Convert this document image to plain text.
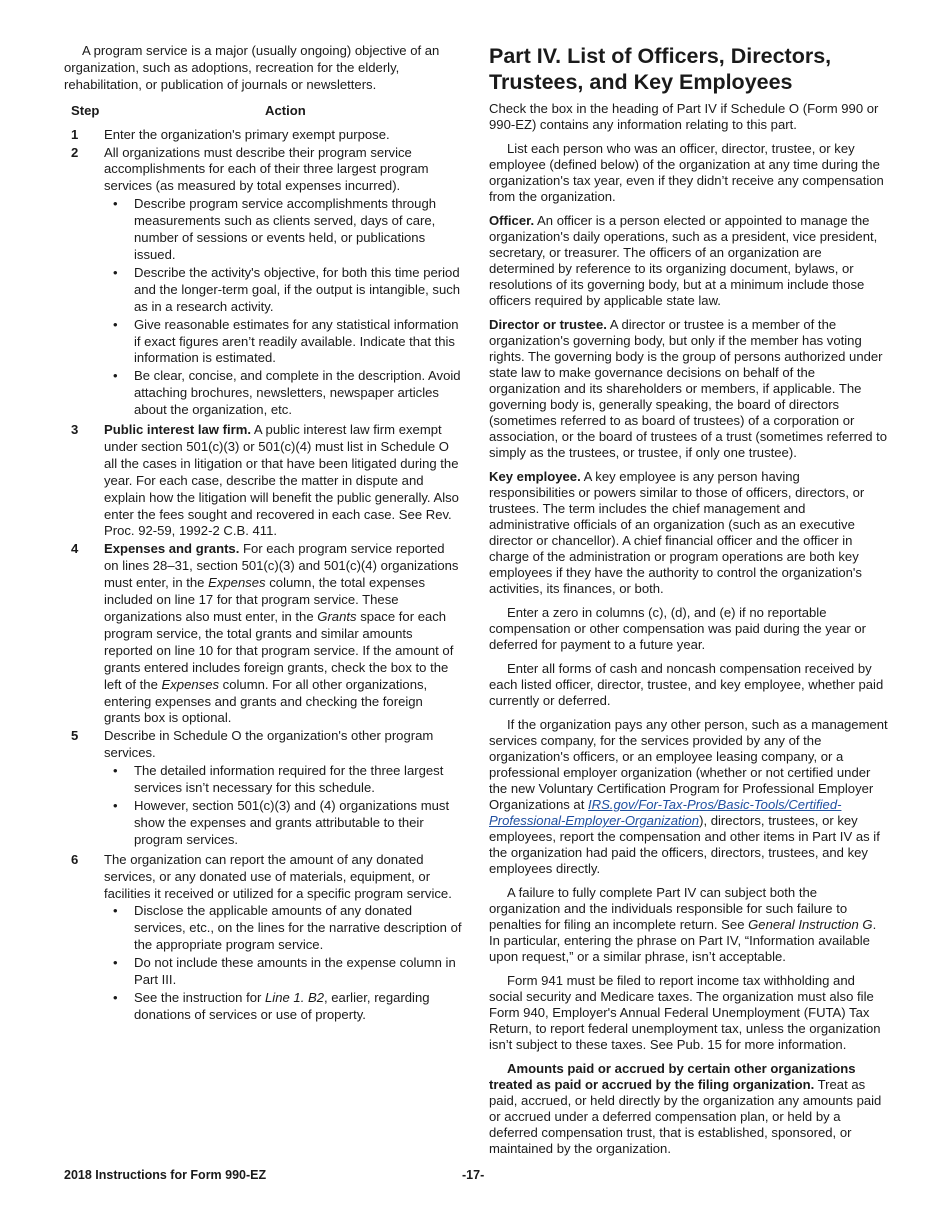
A program service is a major (usually ongoing) objective of an organization, such as adoptions, recreation for the elderly, rehabilitation, or publication of journals or newsletters.

Step	Action
1	Enter the organization's primary exempt purpose.
2	All organizations must describe their program service accomplishments for each of their three largest program services (as measured by total expenses incurred).
• Describe program service accomplishments through measurements such as clients served, days of care, number of sessions or events held, or publications issued.
• Describe the activity's objective, for both this time period and the longer-term goal, if the output is intangible, such as in a research activity.
• Give reasonable estimates for any statistical information if exact figures aren’t readily available. Indicate that this information is estimated.
• Be clear, concise, and complete in the description. Avoid attaching brochures, newsletters, newspaper articles about the organization, etc.
3	Public interest law firm. A public interest law firm exempt under section 501(c)(3) or 501(c)(4) must list in Schedule O all the cases in litigation or that have been litigated during the year. For each case, describe the matter in dispute and explain how the litigation will benefit the public generally. Also enter the fees sought and recovered in each case. See Rev. Proc. 92-59, 1992-2 C.B. 411.
4	Expenses and grants. For each program service reported on lines 28–31, section 501(c)(3) and 501(c)(4) organizations must enter, in the Expenses column, the total expenses included on line 17 for that program service. These organizations also must enter, in the Grants space for each program service, the total grants and similar amounts reported on line 10 for that program service. If the amount of grants entered includes foreign grants, check the box to the left of the Expenses column. For all other organizations, entering expenses and grants and checking the foreign grants box is optional.
5	Describe in Schedule O the organization's other program services.
• The detailed information required for the three largest services isn’t necessary for this schedule.
• However, section 501(c)(3) and (4) organizations must show the expenses and grants attributable to their program services.
6	The organization can report the amount of any donated services, or any donated use of materials, equipment, or facilities it received or utilized for a specific program service.
• Disclose the applicable amounts of any donated services, etc., on the lines for the narrative description of the appropriate program service.
• Do not include these amounts in the expense column in Part III.
• See the instruction for Line 1. B2, earlier, regarding donations of services or use of property.
Part IV. List of Officers, Directors, Trustees, and Key Employees

Check the box in the heading of Part IV if Schedule O (Form 990 or 990-EZ) contains any information relating to this part.

List each person who was an officer, director, trustee, or key employee (defined below) of the organization at any time during the organization's tax year, even if they didn’t receive any compensation from the organization.

Officer. An officer is a person elected or appointed to manage the organization's daily operations, such as a president, vice president, secretary, or treasurer. The officers of an organization are determined by reference to its organizing document, bylaws, or resolutions of its governing body, but at a minimum include those officers required by applicable state law.

Director or trustee. A director or trustee is a member of the organization's governing body, but only if the member has voting rights. The governing body is the group of persons authorized under state law to make governance decisions on behalf of the organization and its shareholders or members, if applicable. The governing body is, generally speaking, the board of directors (sometimes referred to as board of trustees) of a corporation or association, or the board of trustees of a trust (sometimes referred to simply as the trustees, or trustee, if only one trustee).

Key employee. A key employee is any person having responsibilities or powers similar to those of officers, directors, or trustees. The term includes the chief management and administrative officials of an organization (such as an executive director or chancellor). A chief financial officer and the officer in charge of the administration or program operations are both key employees if they have the authority to control the organization's activities, its finances, or both.

Enter a zero in columns (c), (d), and (e) if no reportable compensation or other compensation was paid during the year or deferred for payment to a future year.

Enter all forms of cash and noncash compensation received by each listed officer, director, trustee, and key employee, whether paid currently or deferred.

If the organization pays any other person, such as a management services company, for the services provided by any of the organization's officers, or an employee leasing company, or a professional employer organization (whether or not certified under the new Voluntary Certification Program for Professional Employer Organizations at IRS.gov/For-Tax-Pros/Basic-Tools/Certified-Professional-Employer-Organization), directors, trustees, or key employees, report the compensation and other items in Part IV as if the organization had paid the officers, directors, trustees, and key employees directly.

A failure to fully complete Part IV can subject both the organization and the individuals responsible for such failure to penalties for filing an incomplete return. See General Instruction G. In particular, entering the phrase on Part IV, “Information available upon request,” or a similar phrase, isn’t acceptable.

Form 941 must be filed to report income tax withholding and social security and Medicare taxes. The organization must also file Form 940, Employer's Annual Federal Unemployment (FUTA) Tax Return, to report federal unemployment tax, unless the organization isn’t subject to these taxes. See Pub. 15 for more information.

Amounts paid or accrued by certain other organizations treated as paid or accrued by the filing organization. Treat as paid, accrued, or held directly by the organization any amounts paid or accrued under a deferred compensation plan, or held by a deferred compensation trust, that is established, sponsored, or maintained by the organization.

2018 Instructions for Form 990-EZ	-17-
